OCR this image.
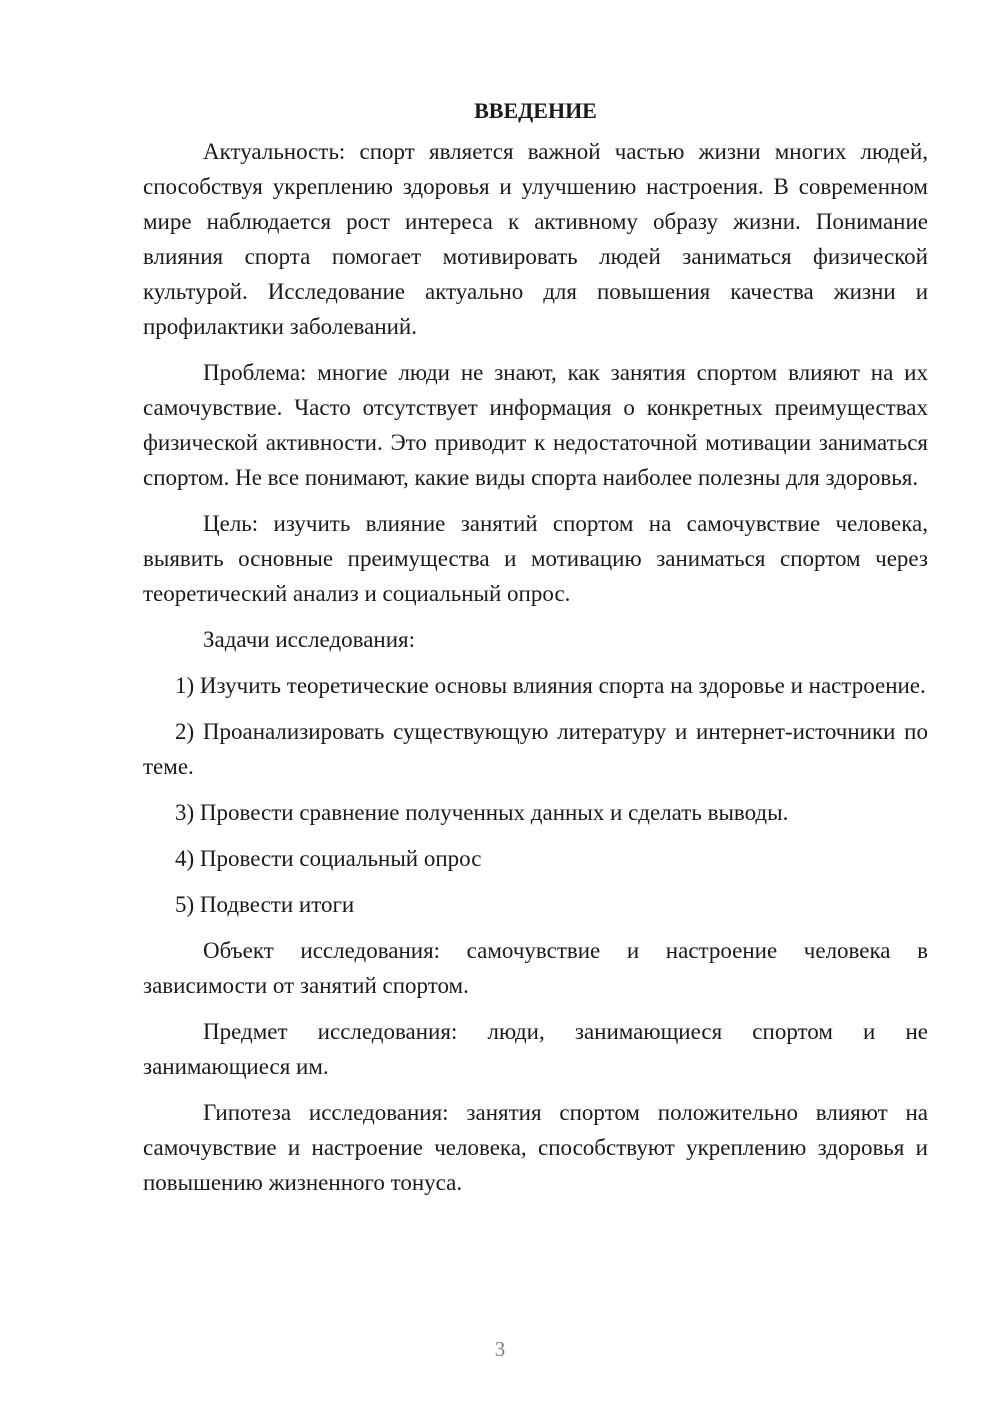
ВВЕДЕНИЕ

Актуальность: спорт является важной частью жизни многих людей, способствуя укреплению здоровья и улучшению настроения. В современном мире наблюдается рост интереса к активному образу жизни. Понимание влияния спорта помогает мотивировать людей заниматься физической культурой. Исследование актуально для повышения качества жизни и профилактики заболеваний.

Проблема: многие люди не знают, как занятия спортом влияют на их самочувствие. Часто отсутствует информация о конкретных преимуществах физической активности. Это приводит к недостаточной мотивации заниматься спортом. Не все понимают, какие виды спорта наиболее полезны для здоровья.

Цель: изучить влияние занятий спортом на самочувствие человека, выявить основные преимущества и мотивацию заниматься спортом через теоретический анализ и социальный опрос.

Задачи исследования:

1) Изучить теоретические основы влияния спорта на здоровье и настроение.

2) Проанализировать существующую литературу и интернет-источники по теме.

3) Провести сравнение полученных данных и сделать выводы.

4) Провести социальный опрос

5) Подвести итоги

Объект исследования: самочувствие и настроение человека в зависимости от занятий спортом.

Предмет исследования: люди, занимающиеся спортом и не занимающиеся им.

Гипотеза исследования: занятия спортом положительно влияют на самочувствие и настроение человека, способствуют укреплению здоровья и повышению жизненного тонуса.

3
